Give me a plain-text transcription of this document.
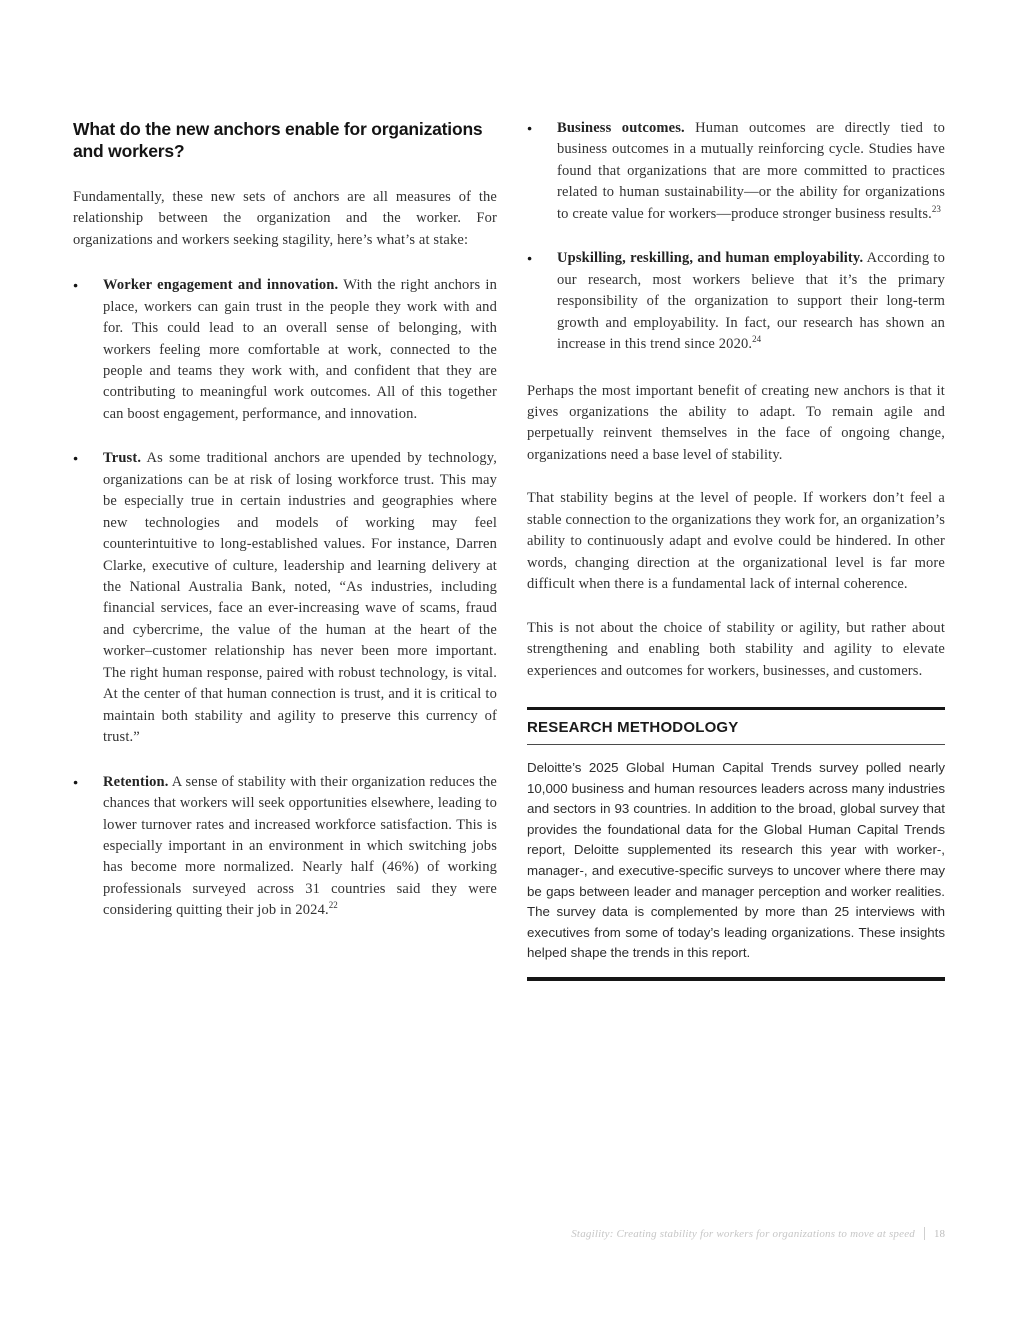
What do the new anchors enable for organizations and workers?

Fundamentally, these new sets of anchors are all measures of the relationship between the organization and the worker. For organizations and workers seeking stagility, here’s what’s at stake:

●	Worker engagement and innovation. With the right anchors in place, workers can gain trust in the people they work with and for. This could lead to an overall sense of belonging, with workers feeling more comfortable at work, connected to the people and teams they work with, and confident that they are contributing to meaningful work outcomes. All of this together can boost engagement, performance, and innovation.
●	Trust. As some traditional anchors are upended by technology, organizations can be at risk of losing workforce trust. This may be especially true in certain industries and geographies where new technologies and models of working may feel counterintuitive to long-established values. For instance, Darren Clarke, executive of culture, leadership and learning delivery at the National Australia Bank, noted, “As industries, including financial services, face an ever-increasing wave of scams, fraud and cybercrime, the value of the human at the heart of the worker–customer relationship has never been more important. The right human response, paired with robust technology, is vital. At the center of that human connection is trust, and it is critical to maintain both stability and agility to preserve this currency of trust.”
●	Retention. A sense of stability with their organization reduces the chances that workers will seek opportunities elsewhere, leading to lower turnover rates and increased workforce satisfaction. This is especially important in an environment in which switching jobs has become more normalized. Nearly half (46%) of working professionals surveyed across 31 countries said they were considering quitting their job in 2024.22
●	Business outcomes. Human outcomes are directly tied to business outcomes in a mutually reinforcing cycle. Studies have found that organizations that are more committed to practices related to human sustainability—or the ability for organizations to create value for workers—produce stronger business results.$^{23}$
●	Upskilling, reskilling, and human employability. According to our research, most workers believe that it’s the primary responsibility of the organization to support their long-term growth and employability. In fact, our research has shown an increase in this trend since 2020.24

Perhaps the most important benefit of creating new anchors is that it gives organizations the ability to adapt. To remain agile and perpetually reinvent themselves in the face of ongoing change, organizations need a base level of stability.

That stability begins at the level of people. If workers don’t feel a stable connection to the organizations they work for, an organization’s ability to continuously adapt and evolve could be hindered. In other words, changing direction at the organizational level is far more difficult when there is a fundamental lack of internal coherence.

This is not about the choice of stability or agility, but rather about strengthening and enabling both stability and agility to elevate experiences and outcomes for workers, businesses, and customers.

RESEARCH METHODOLOGY

Deloitte’s 2025 Global Human Capital Trends survey polled nearly 10,000 business and human resources leaders across many industries and sectors in 93 countries. In addition to the broad, global survey that provides the foundational data for the Global Human Capital Trends report, Deloitte supplemented its research this year with worker-, manager-, and executive-specific surveys to uncover where there may be gaps between leader and manager perception and worker realities. The survey data is complemented by more than 25 interviews with executives from some of today’s leading organizations. These insights helped shape the trends in this report.

Stagility: Creating stability for workers for organizations to move at speed 18
